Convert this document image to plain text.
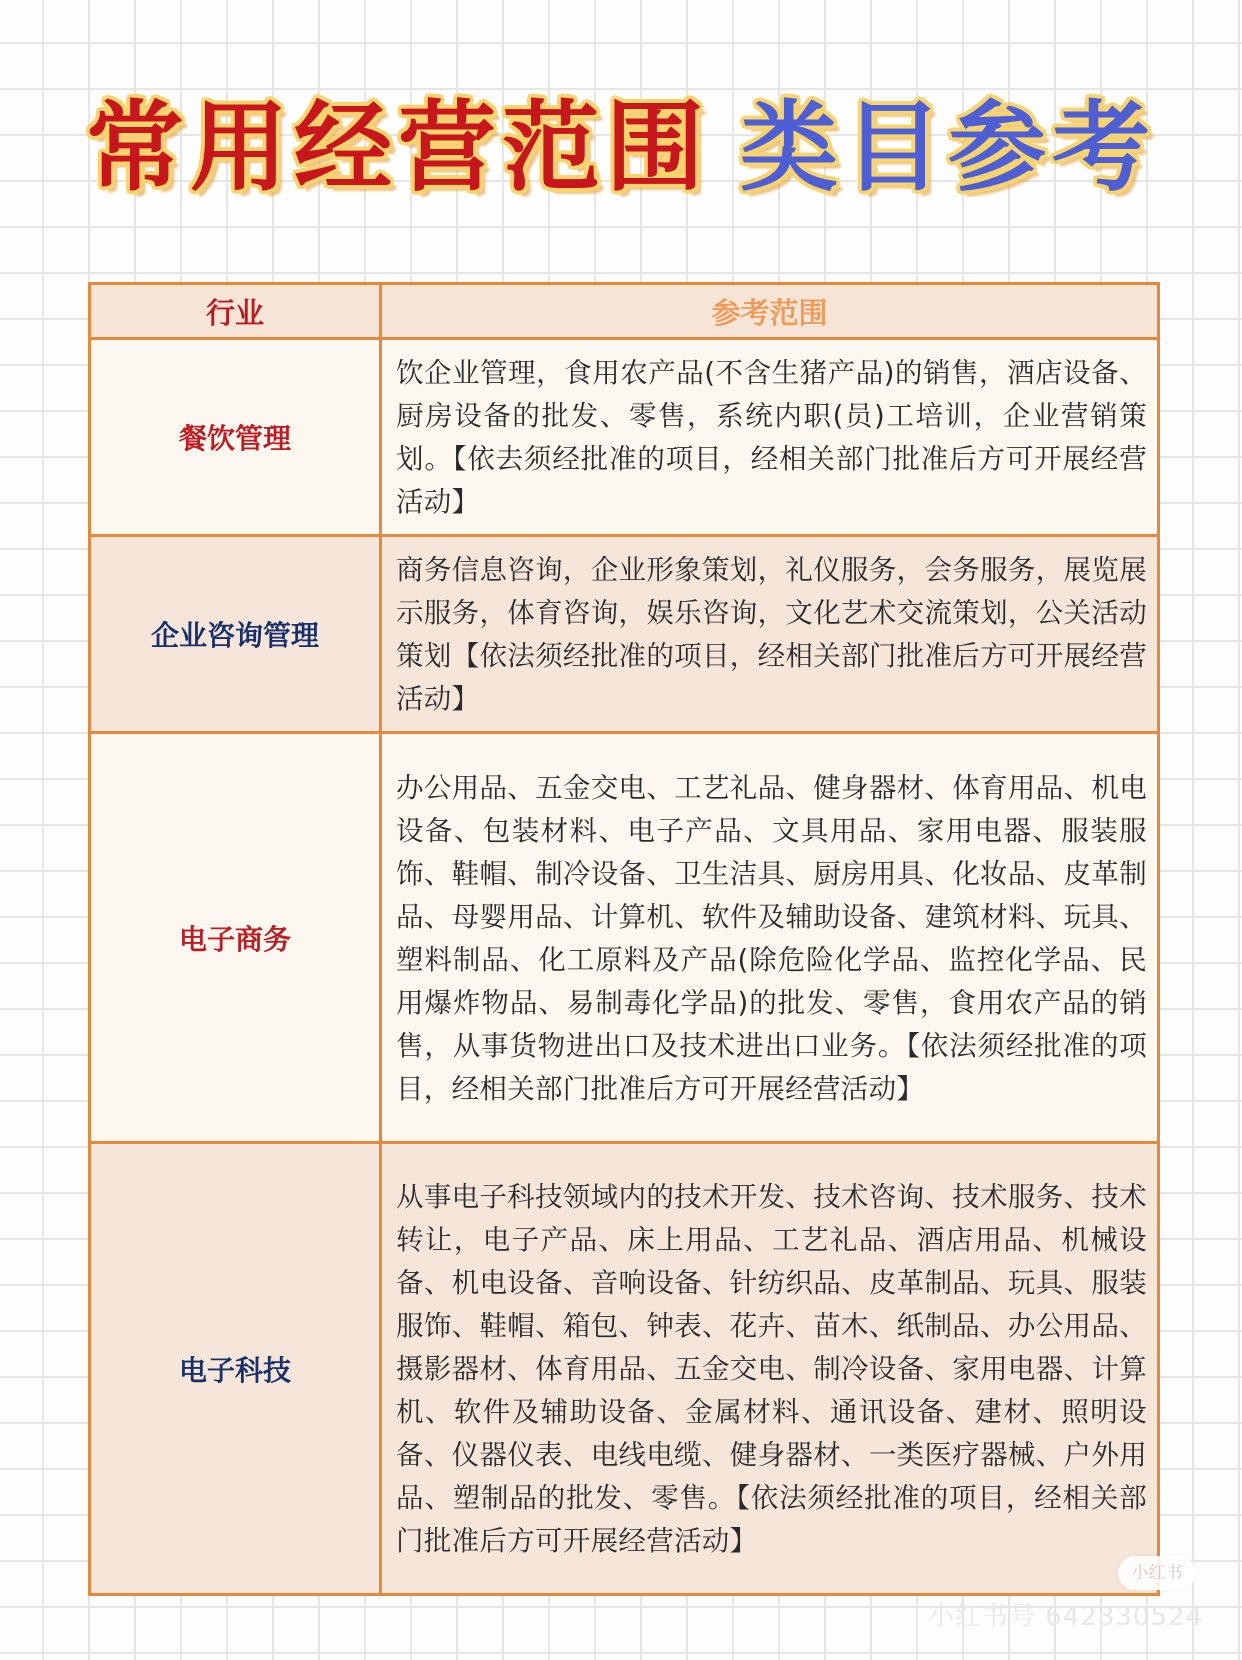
常用经营范围 类目参考
行业	参考范围
餐饮管理	饮企业管理，食用农产品(不含生猪产品)的销售，酒店设备、厨房设备的批发、零售，系统内职(员)工培训，企业营销策划。【依去须经批准的项目，经相关部门批准后方可开展经营活动】
企业咨询管理	商务信息咨询，企业形象策划，礼仪服务，会务服务，展览展示服务，体育咨询，娱乐咨询，文化艺术交流策划，公关活动策划【依法须经批准的项目，经相关部门批准后方可开展经营活动】
电子商务	办公用品、五金交电、工艺礼品、健身器材、体育用品、机电设备、包装材料、电子产品、文具用品、家用电器、服装服饰、鞋帽、制冷设备、卫生洁具、厨房用具、化妆品、皮革制品、母婴用品、计算机、软件及辅助设备、建筑材料、玩具、塑料制品、化工原料及产品(除危险化学品、监控化学品、民用爆炸物品、易制毒化学品)的批发、零售，食用农产品的销售，从事货物进出口及技术进出口业务。【依法须经批准的项目，经相关部门批准后方可开展经营活动】
电子科技	从事电子科技领域内的技术开发、技术咨询、技术服务、技术转让，电子产品、床上用品、工艺礼品、酒店用品、机械设备、机电设备、音响设备、针纺织品、皮革制品、玩具、服装服饰、鞋帽、箱包、钟表、花卉、苗木、纸制品、办公用品、摄影器材、体育用品、五金交电、制冷设备、家用电器、计算机、软件及辅助设备、金属材料、通讯设备、建材、照明设备、仪器仪表、电线电缆、健身器材、一类医疗器械、户外用品、塑制品的批发、零售。【依法须经批准的项目，经相关部门批准后方可开展经营活动】
小红书
小红书号 642330524
